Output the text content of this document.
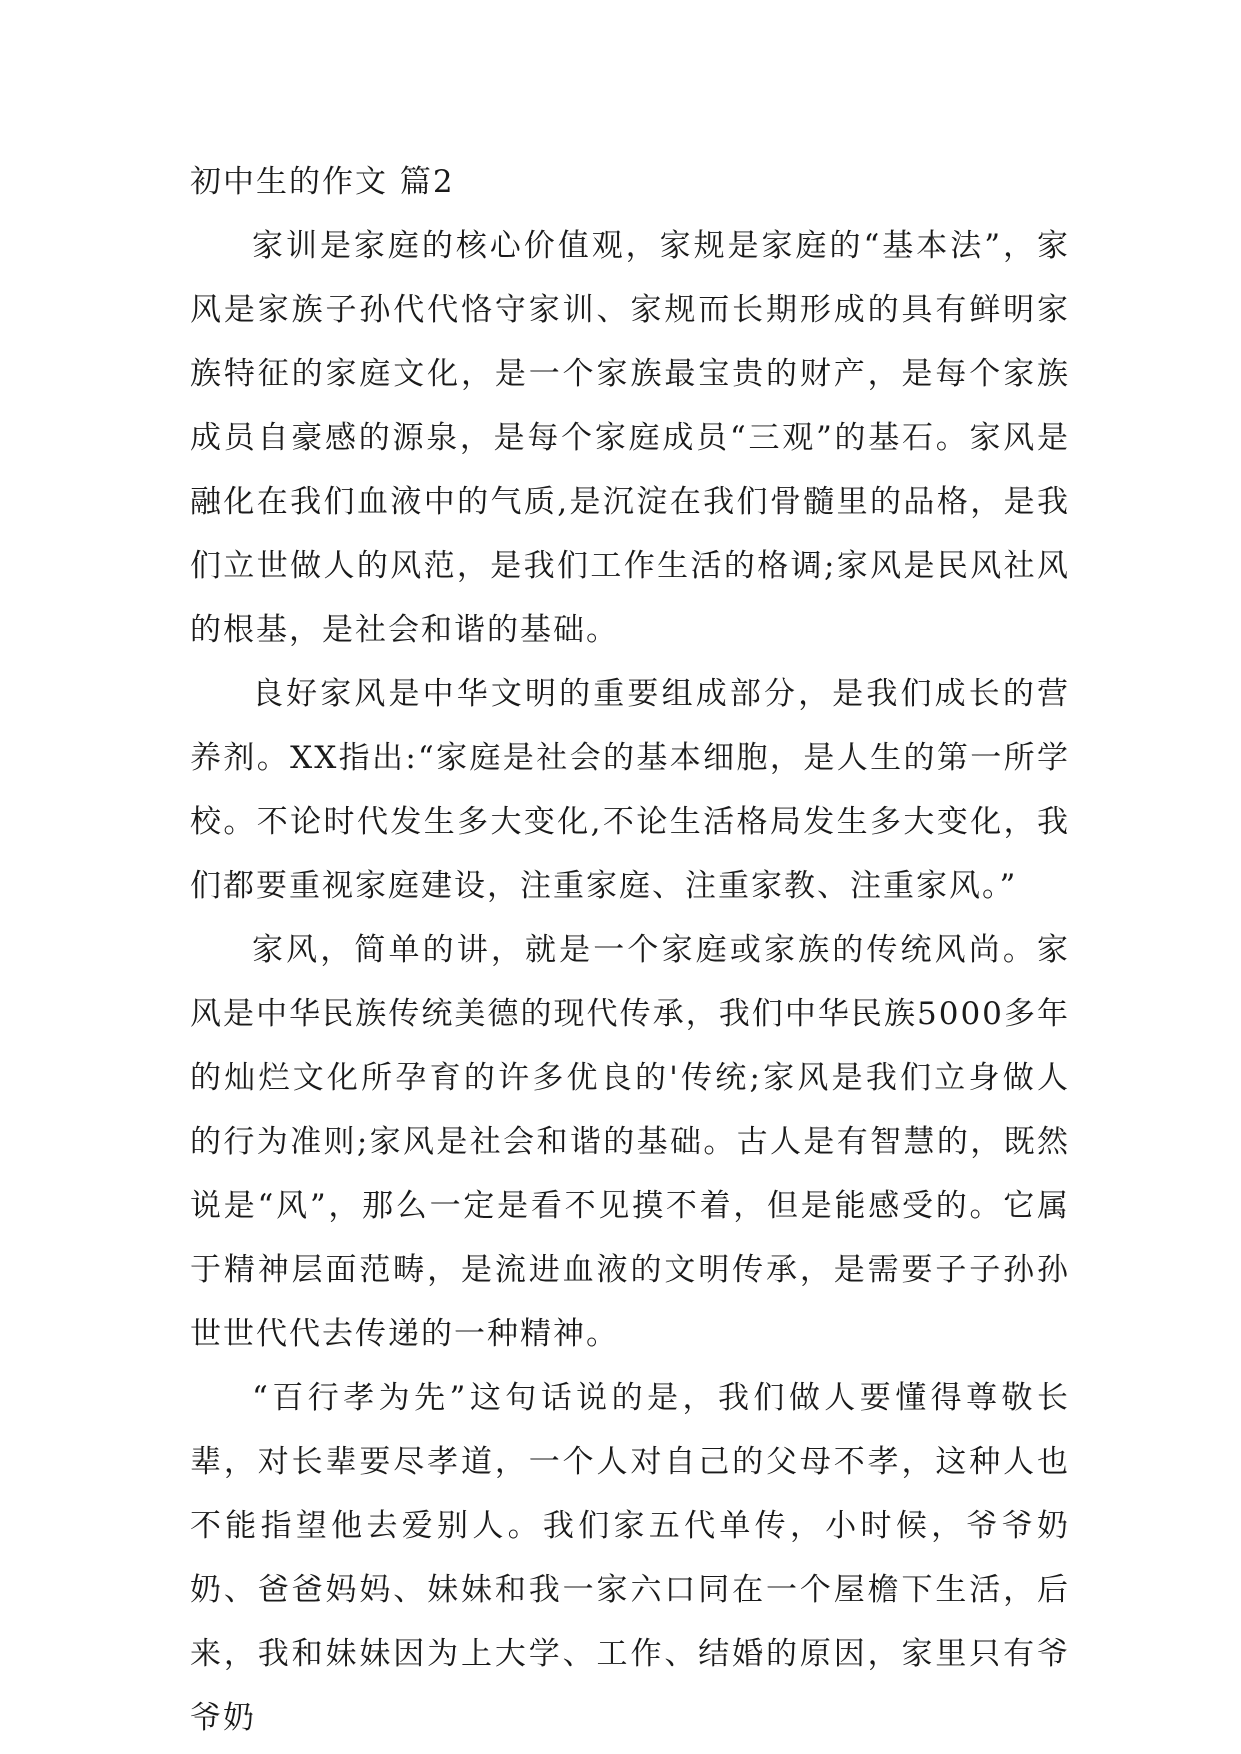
初中生的作文 篇2

家训是家庭的核心价值观，家规是家庭的“基本法”，家风是家族子孙代代恪守家训、家规而长期形成的具有鲜明家族特征的家庭文化，是一个家族最宝贵的财产，是每个家族成员自豪感的源泉，是每个家庭成员“三观”的基石。家风是融化在我们血液中的气质,是沉淀在我们骨髓里的品格，是我们立世做人的风范，是我们工作生活的格调;家风是民风社风的根基，是社会和谐的基础。

良好家风是中华文明的重要组成部分，是我们成长的营养剂。XX指出:“家庭是社会的基本细胞，是人生的第一所学校。不论时代发生多大变化,不论生活格局发生多大变化，我们都要重视家庭建设，注重家庭、注重家教、注重家风。”

家风，简单的讲，就是一个家庭或家族的传统风尚。家风是中华民族传统美德的现代传承，我们中华民族5000多年的灿烂文化所孕育的许多优良的'传统;家风是我们立身做人的行为准则;家风是社会和谐的基础。古人是有智慧的，既然说是“风”，那么一定是看不见摸不着，但是能感受的。它属于精神层面范畴，是流进血液的文明传承，是需要子子孙孙世世代代去传递的一种精神。

“百行孝为先”这句话说的是，我们做人要懂得尊敬长辈，对长辈要尽孝道，一个人对自己的父母不孝，这种人也不能指望他去爱别人。我们家五代单传，小时候，爷爷奶奶、爸爸妈妈、妹妹和我一家六口同在一个屋檐下生活，后来，我和妹妹因为上大学、工作、结婚的原因，家里只有爷爷奶
